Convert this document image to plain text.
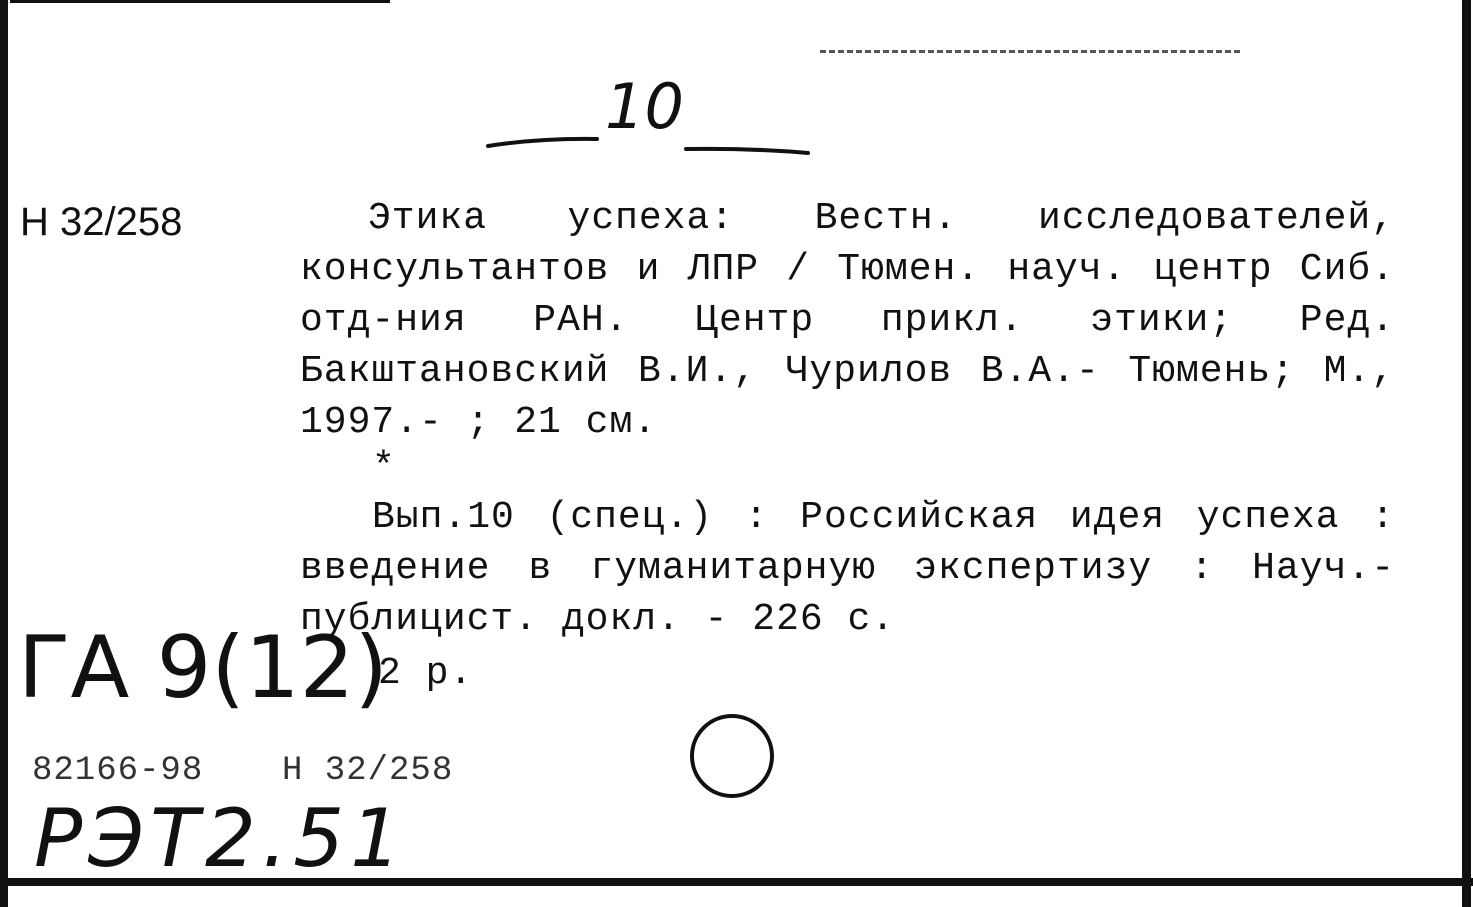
10
Н 32/258	Этика успеха: Вестн. исследователей,
консультантов и ЛПР / Тюмен. науч. центр Сиб.
отд-ния РАН. Центр прикл. этики; Ред.
Бакштановский В.И., Чурилов В.А.- Тюмень; М.,
1997.- ; 21 см.
*
Вып.10 (спец.) : Российская идея успеха :
введение в гуманитарную экспертизу : Науч.-
публицист. докл. - 226 с.
2 р.
ГА 9(12)
82166-98 Н 32/258
РЭТ2.51
